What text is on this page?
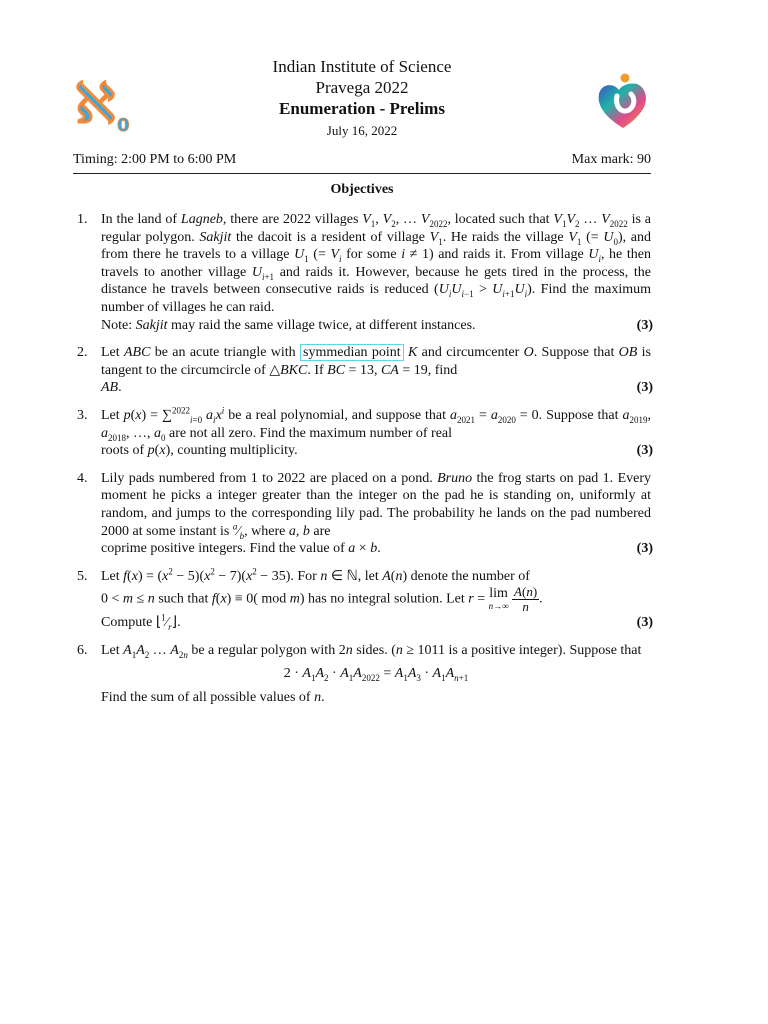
ℵ 0
Indian Institute of Science
Pravega 2022
Enumeration - Prelims
July 16, 2022
Timing: 2:00 PM to 6:00 PM	Max mark: 90
Objectives
1. In the land of Lagneb, there are 2022 villages $V_1$, $V_2$, … $V_{2022}$, located such that $V_1V_2$ … $V_{2022}$ is a regular polygon. Sakjit the dacoit is a resident of village $V_1$. He raids the village $V_1$ (= $U_0$), and from there he travels to a village $U_1$ (= $V_i$ for some i ≠ 1) and raids it. From village $U_i$, he then travels to another village $U_{i+1}$ and raids it. However, because he gets tired in the process, the distance he travels between consecutive raids is reduced $(U_iU_{i-1} > U_{i+1}U_i)$. Find the maximum number of villages he can raid.
Note: Sakjit may raid the same village twice, at different instances.	(3)
2. Let ABC be an acute triangle with symmedian point K and circumcenter O. Suppose that OB is tangent to the circumcircle of △BKC. If BC = 13, CA = 19, find
AB.	(3)
3. Let p(x) = ∑$^{2022}_{i=0}$ $a_ix^i$ be a real polynomial, and suppose that $a_{2021} = a_{2020} = 0$. Suppose that $a_{2019}$, $a_{2018}$, …, $a_0$ are not all zero. Find the maximum number of real
roots of p(x), counting multiplicity.	(3)
4. Lily pads numbered from 1 to 2022 are placed on a pond. Bruno the frog starts on pad 1. Every moment he picks a integer greater than the integer on the pad he is standing on, uniformly at random, and jumps to the corresponding lily pad. The probability he lands on the pad numbered 2000 at some instant is $^a⁄_b$, where a, b are
coprime positive integers. Find the value of a × b.	(3)
5. Let $f(x) = (x^2 - 5)(x^2 - 7)(x^2 - 35)$. For n ∈ ℕ, let A(n) denote the number of
0 < m ≤ n such that f(x) ≡ 0( mod m) has no integral solution. Let r = lim
n→∞
$\frac{A(n)}{n}$ .
Compute $⌊^1⁄_r⌋$.	(3)
6. Let $A_1A_2$ … $A_{2n}$ be a regular polygon with 2n sides. (n ≥ 1011 is a positive integer). Suppose that
$2 \cdot A_1A_2 \cdot A_1A_{2022} = A_1A_3 \cdot A_1A_{n+1}$
Find the sum of all possible values of n.
